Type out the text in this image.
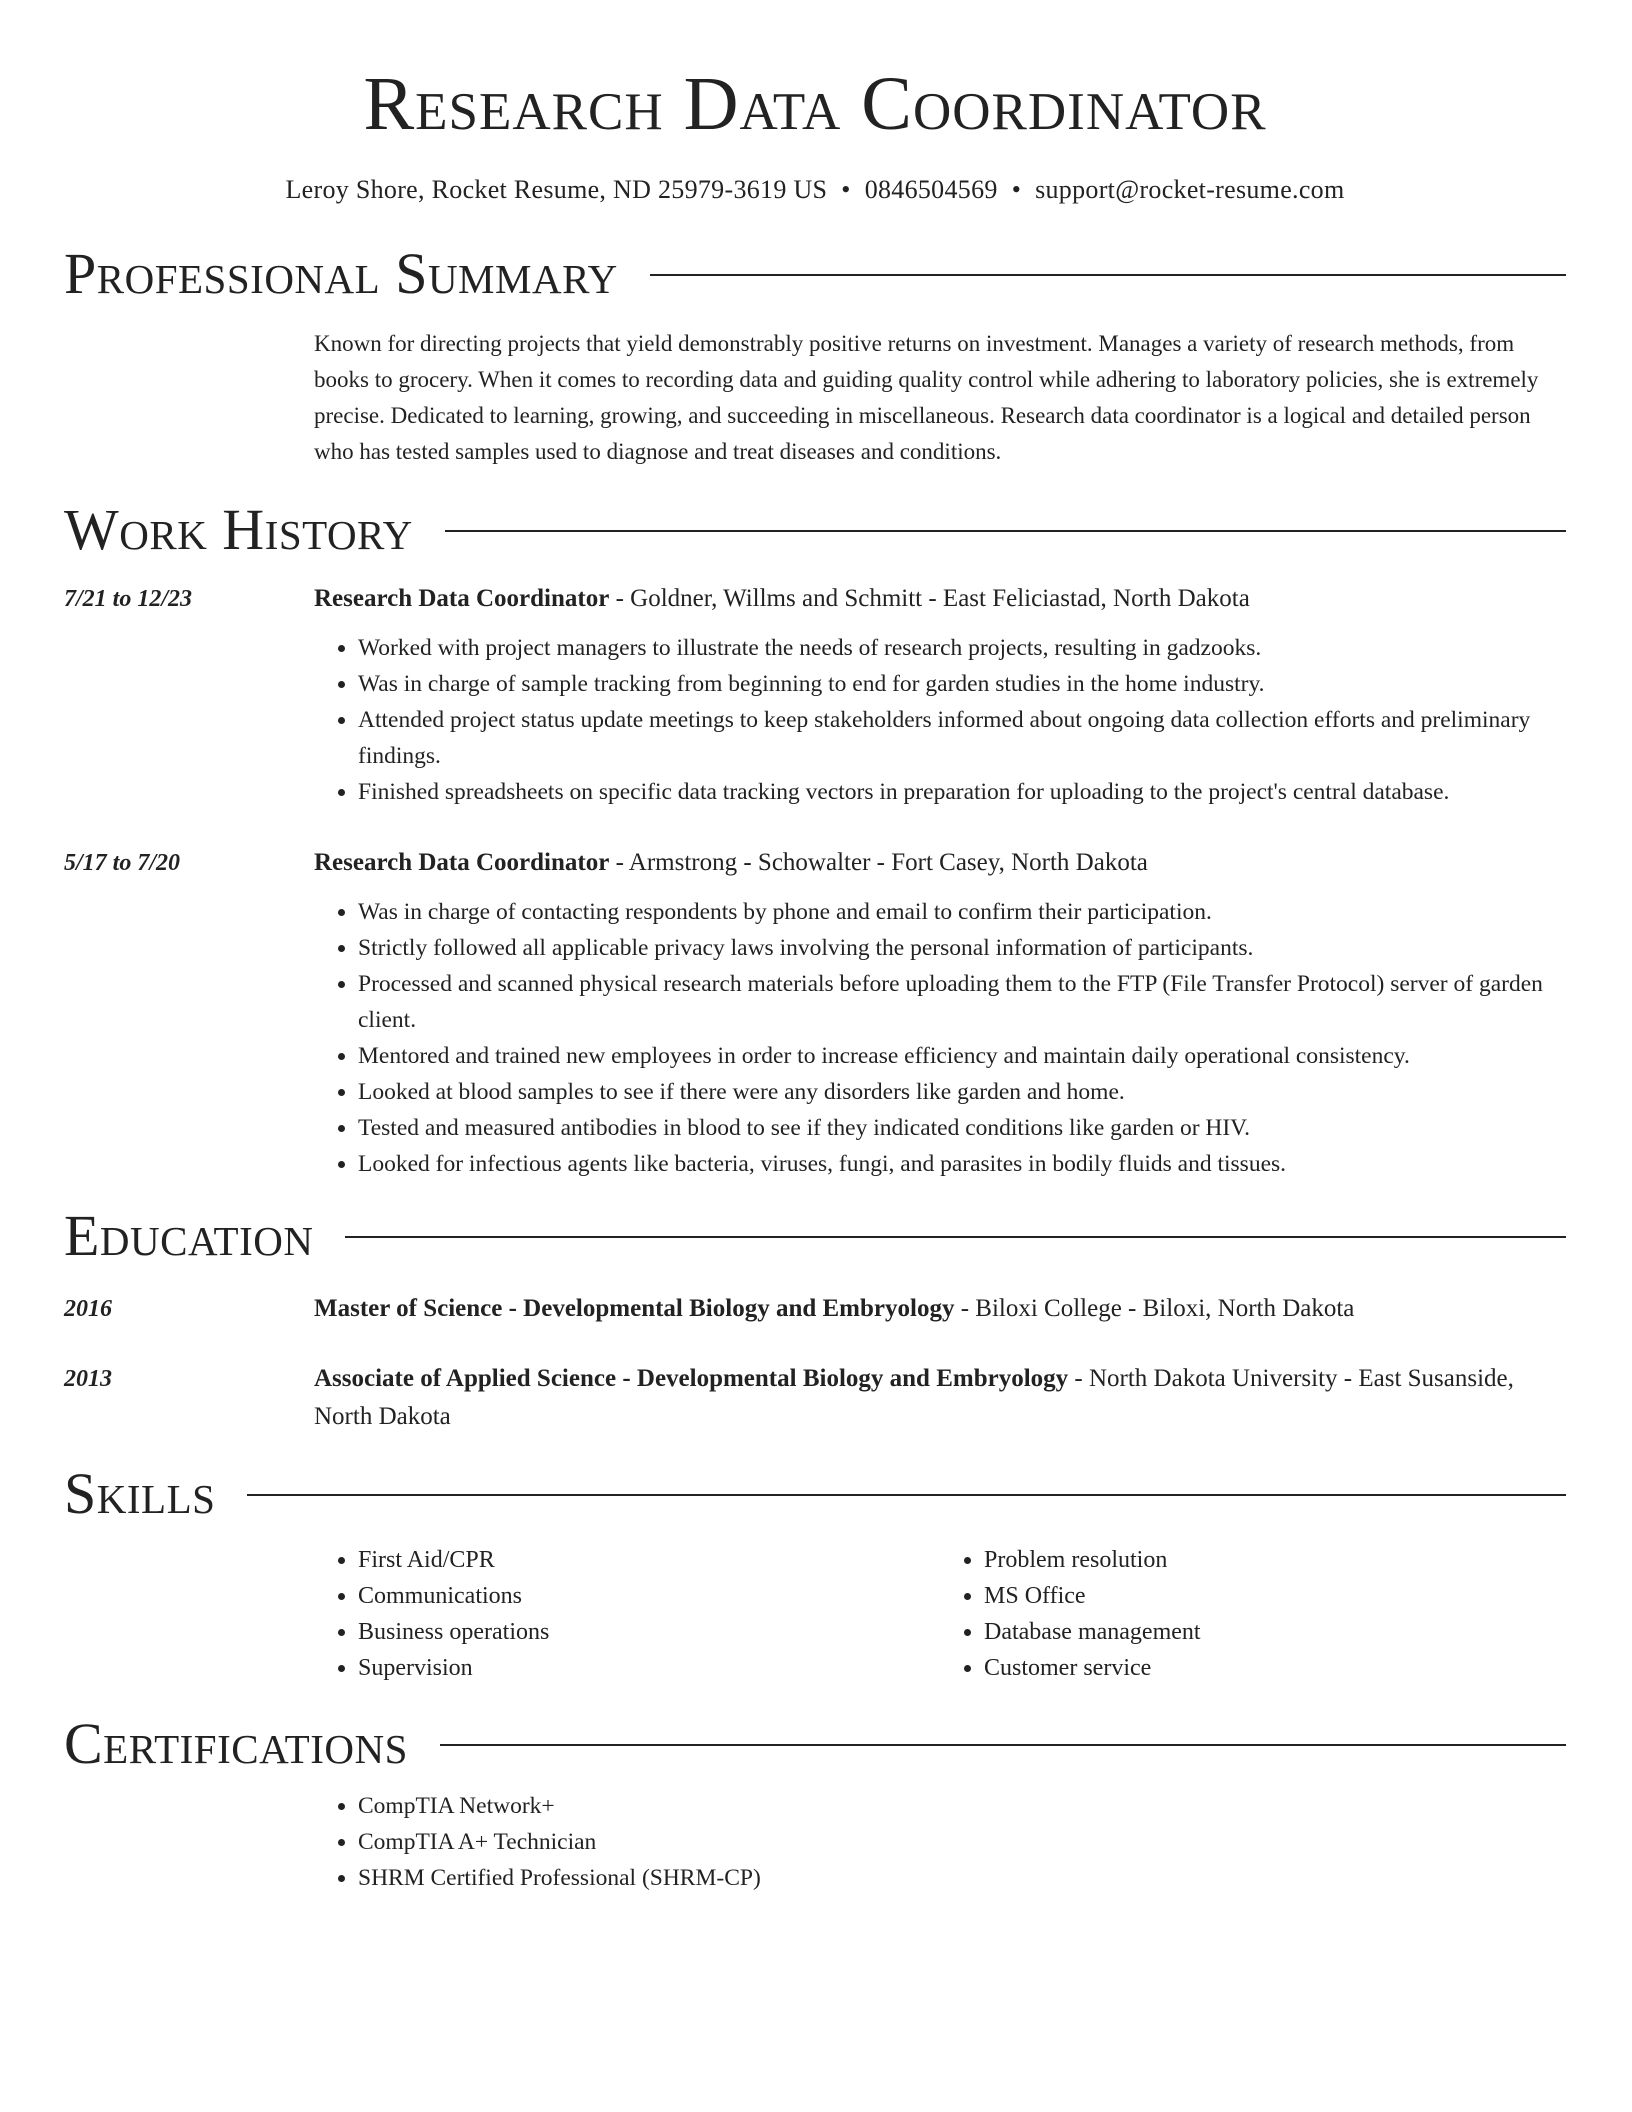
Research Data Coordinator
Leroy Shore, Rocket Resume, ND 25979-3619 US • 0846504569 • support@rocket-resume.com
Professional Summary

Known for directing projects that yield demonstrably positive returns on investment. Manages a variety of research methods, from books to grocery. When it comes to recording data and guiding quality control while adhering to laboratory policies, she is extremely precise. Dedicated to learning, growing, and succeeding in miscellaneous. Research data coordinator is a logical and detailed person who has tested samples used to diagnose and treat diseases and conditions.

Work History
7/21 to 12/23	Research Data Coordinator - Goldner, Willms and Schmitt - East Feliciastad, North Dakota
• Worked with project managers to illustrate the needs of research projects, resulting in gadzooks.
• Was in charge of sample tracking from beginning to end for garden studies in the home industry.
• Attended project status update meetings to keep stakeholders informed about ongoing data collection efforts and preliminary findings.
• Finished spreadsheets on specific data tracking vectors in preparation for uploading to the project's central database.
5/17 to 7/20	Research Data Coordinator - Armstrong - Schowalter - Fort Casey, North Dakota
• Was in charge of contacting respondents by phone and email to confirm their participation.
• Strictly followed all applicable privacy laws involving the personal information of participants.
• Processed and scanned physical research materials before uploading them to the FTP (File Transfer Protocol) server of garden client.
• Mentored and trained new employees in order to increase efficiency and maintain daily operational consistency.
• Looked at blood samples to see if there were any disorders like garden and home.
• Tested and measured antibodies in blood to see if they indicated conditions like garden or HIV.
• Looked for infectious agents like bacteria, viruses, fungi, and parasites in bodily fluids and tissues.
Education
2016	Master of Science - Developmental Biology and Embryology - Biloxi College - Biloxi, North Dakota
2013	Associate of Applied Science - Developmental Biology and Embryology - North Dakota University - East Susanside, North Dakota
Skills
• First Aid/CPR
• Communications
• Business operations
• Supervision
• Problem resolution
• MS Office
• Database management
• Customer service
Certifications
• CompTIA Network+
• CompTIA A+ Technician
• SHRM Certified Professional (SHRM-CP)
